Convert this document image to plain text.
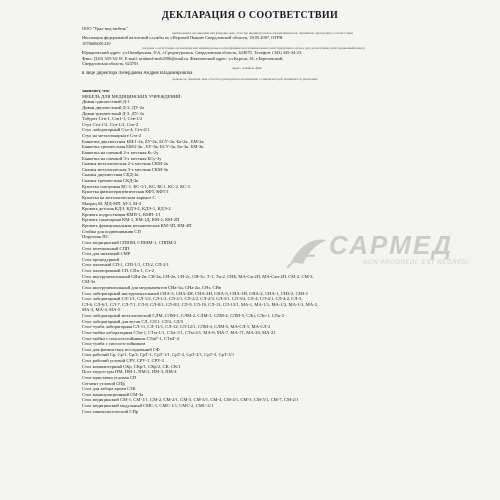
ДЕКЛАРАЦИЯ О СООТВЕТСТВИИ
ООО "Урал мед-мебель"
наименование организации или фамилия, имя, отчество индивидуального предпринимателя, принявших декларацию о соответствии
Инспекция федеральной налоговой службы по г.Верхней Пышме Свердловской области, 18.05.2007, ОГРН
1076606001229
сведения о регистрации организации или индивидуального предпринимателя (наименование регистрирующего органа, дата регистрации, регистрационный номер)
Юридический адрес: ул.Октябрьская, 8-А, г.Среднеуральск, Свердловская область, 624070. Телефон: (343) 345-34-23.
Факс: (343) 345-34-18. E-mail: uralmed-meb2006@mail.ru. Фактический адрес: ул.Король, 61, г.Березовский,
Свердловская область, 623701
адрес, телефон, факс
в лице директора Лечерданна Андрея Владимировича
должность, фамилия, имя, отчество руководителя организации, от имени которой принимается декларация
заявляет, что
МЕБЕЛЬ ДЛЯ МЕДИЦИНСКИХ УЧРЕЖДЕНИЙ:
Диван одноместный Д-1
Диван двухместный Д-2, ДУ-2а
Диван трехместный Д-3, ДУ-3а
Табурет Ств-1, Ств1-1, Ств-1/2
Стул Стп-1/2, Стп-1/2, Стп-2
Стул лабораторный Стл-4, Стл-4/1
Стул на металлокаркасе Стл-2
Банкетка двухместная БМ/1-2к, БУ-2к, БСУ-2к, Бп-2к , БМ-2к
Банкетка трехместная БМ/2-3к , БУ-3к, БСУ-3к, Бп-3к, БМ-3к
Банкетка на опенкой 2-х местная Бс-2у
Банкетка на опенкой 3-х местная БСу-3у
Скамья металлическая 2-х местная СКМ-2к
Скамья металлическая 3-х местная СКМ-3к
Скамья двухместная СКД-2к
Скамья трехместная СКД-3к
Кушетка смотровая КС-1, КС-1/1, КС, КС1, КС-2, КС-3
Кушетка физиотерапевтическая КФТ, КФТ/1
Кушетка на металлическом каркасе С
Матрац М, МД-МП, М-3, М-4
Кровать детская КДЭ, КДЭ-2, КДЭ-1, КДЭ-2
Кровать подростковая КМП-1, КМП-1/1
Кровать санитарная КМ-1, КМ-1Д, КМ-2, КМ-2П
Кровать функциональная механическая КМ-3П, КМ-4П
Стойка для подвешивания СП
Поручень ПС
Стол медицинский СПШМ, СПШМ-1, СППМ-2
Стол пеленальный СПП
Стол для инъекций СМР
Стол процедурный
Стол палатный СП-1, СПI-1/1, СП-2, СП-2/1
Стол палаторенный СП, СПп-1, Ст-2
Стол инструментальный СИн-2в, СИ-2в, СН-2в, СН-2с, СН-3с, Т-1, Тн-2, СНБ, МА-Сн-2П, МА-Сан-2П, СМ-2, СМ-3,
СМ-3а
Стол инструментальный для медикаментов СНа-1н, СНа-2н, СНз, СНв
Стол лабораторный инструментальный СНА-3, СНА-4Н, СНА-4Н, СНА-3, СНА-1Н, СНА-2, СНА-1, СНЗ-2, СНЗ-1
Стол лабораторный СЛ-1/1, СЛ-1/2, СЛ-1/2, СЛ-2/1, СЛ-2/2, СЛ-2/3, СЛ-3/1, СЛ-3/2, СЛ-4, СЛ-4/1, СЛ-4/2, СЛ-5,
СЛ-6, СЛ-6/1, СЛ-7, СЛ-7/1, СЛ-8, СЛ-8/1, СЛ-8/2, СЛ-9, СЛ-10, СЛ-13, СЛ-13/1, МА-1, МА-1/1, МА-1/2, МА-1/3, МА-2,
МА-3, МА-4, МА-5
Стол лабораторный металлический СЛМ, СЛМ-1, СЛМ-2, СЛМ-3, СЛМ-4, СЛМ-5, СЛп, СЛп-1, СЛп-2
Стол лабораторный для весов СЛ, СЛ/1, СЛ/2, СЛ/3
Стол-тумба лабораторная СЛ-11, СЛ-11/1, СЛ-12, СЛ-12/1, СЛМ-4, СЛМ-5, МА-СЛ-1, МА-СЛ-2
Стол-мойка лабораторная СТм-1, СТм-1/1, СТм-1/1, СТм-2/1, МА-6, МА-7, МА-71, МА-20, МА-21
Стол-мойка с гипсоотстойником СТмГ-1, СТмГ-2
Стол-тумба с гипсоотстойником
Стол для физических исследований СФ
Стол рабочий Ср, Ср/1, Ср/2, СрТ-1, СрТ-1/1, СрТ-2, СрТ-2/1, СрТ-3, СрТ-3/1
Стол рабочий угловой СРУ, СРУ-1, СРУ-2
Стол компьютерный СКр, СКр/1, СКр/2, СК, СК/1
Пост медсестры ПМ, ПМ-1, ПМ-2, ПМ-3, ПМ-4
Стол-приставка угловая СП
Сегмент угловой СПр
Стол для забора крови СЗК
Стол манипуляционный СМ-3а
Стол медицинский СМ-1, СМ-1/1, СМ-2, СМ-2/1, СМ-3, СМ-3/1, СМ-4, СМ-4/1, СМ-5, СМ-5/1, СМ-7, СМ-2/1
Стол медицинский модульный СМС-1, СМС-1/1, СМС-2, СМС-2/1
Стол гинекологический СПр
САРМЕД
NON PROGREDI, EST REGREDI
